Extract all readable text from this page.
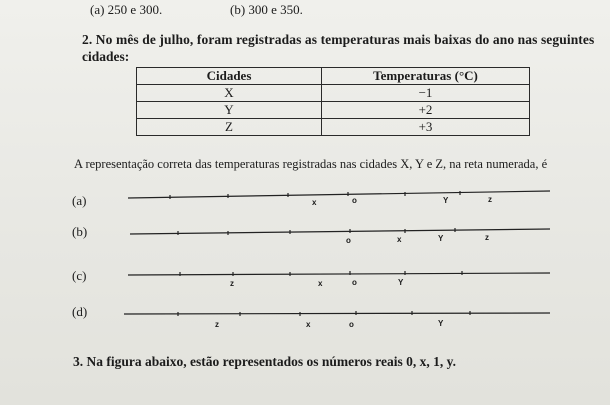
(a) 250 e 300.	(b) 300 e 350.
2. No mês de julho, foram registradas as temperaturas mais baixas do ano nas seguintes
cidades:
Cidades	Temperaturas (°C)
X	−1
Y	+2
Z	+3
A representação correta das temperaturas registradas nas cidades X, Y e Z, na reta numerada, é
(a)	x	o	Y	z
(b)
o	x	Y	z
(c)
z	x	o	Y
(d)
z	x	o	Y
3. Na figura abaixo, estão representados os números reais 0, x, 1, y.
